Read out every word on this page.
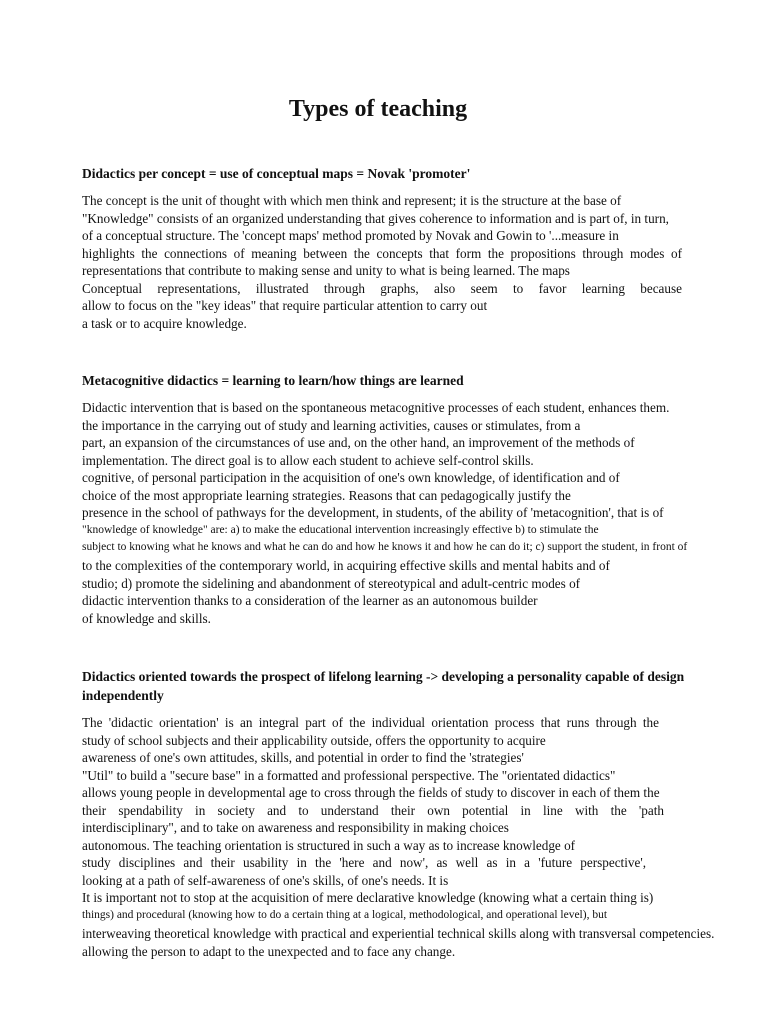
Types of teaching
Didactics per concept = use of conceptual maps = Novak 'promoter'
The concept is the unit of thought with which men think and represent; it is the structure at the base of
"Knowledge" consists of an organized understanding that gives coherence to information and is part of, in turn,
of a conceptual structure. The 'concept maps' method promoted by Novak and Gowin to '...measure in
highlights the connections of meaning between the concepts that form the propositions through modes of
representations that contribute to making sense and unity to what is being learned. The maps
Conceptual representations, illustrated through graphs, also seem to favor learning because
allow to focus on the "key ideas" that require particular attention to carry out
a task or to acquire knowledge.
Metacognitive didactics = learning to learn/how things are learned
Didactic intervention that is based on the spontaneous metacognitive processes of each student, enhances them.
the importance in the carrying out of study and learning activities, causes or stimulates, from a
part, an expansion of the circumstances of use and, on the other hand, an improvement of the methods of
implementation. The direct goal is to allow each student to achieve self-control skills.
cognitive, of personal participation in the acquisition of one's own knowledge, of identification and of
choice of the most appropriate learning strategies. Reasons that can pedagogically justify the
presence in the school of pathways for the development, in students, of the ability of 'metacognition', that is of
"knowledge of knowledge" are: a) to make the educational intervention increasingly effective b) to stimulate the
subject to knowing what he knows and what he can do and how he knows it and how he can do it; c) support the student, in front of
to the complexities of the contemporary world, in acquiring effective skills and mental habits and of
studio; d) promote the sidelining and abandonment of stereotypical and adult-centric modes of
didactic intervention thanks to a consideration of the learner as an autonomous builder
of knowledge and skills.
Didactics oriented towards the prospect of lifelong learning -> developing a personality capable of design independently
The 'didactic orientation' is an integral part of the individual orientation process that runs through the
study of school subjects and their applicability outside, offers the opportunity to acquire
awareness of one's own attitudes, skills, and potential in order to find the 'strategies'
"Util" to build a "secure base" in a formatted and professional perspective. The "orientated didactics"
allows young people in developmental age to cross through the fields of study to discover in each of them the
their spendability in society and to understand their own potential in line with the 'path
interdisciplinary", and to take on awareness and responsibility in making choices
autonomous. The teaching orientation is structured in such a way as to increase knowledge of
study disciplines and their usability in the 'here and now', as well as in a 'future perspective',
looking at a path of self-awareness of one's skills, of one's needs. It is
It is important not to stop at the acquisition of mere declarative knowledge (knowing what a certain thing is)
things) and procedural (knowing how to do a certain thing at a logical, methodological, and operational level), but
interweaving theoretical knowledge with practical and experiential technical skills along with transversal competencies.
allowing the person to adapt to the unexpected and to face any change.
